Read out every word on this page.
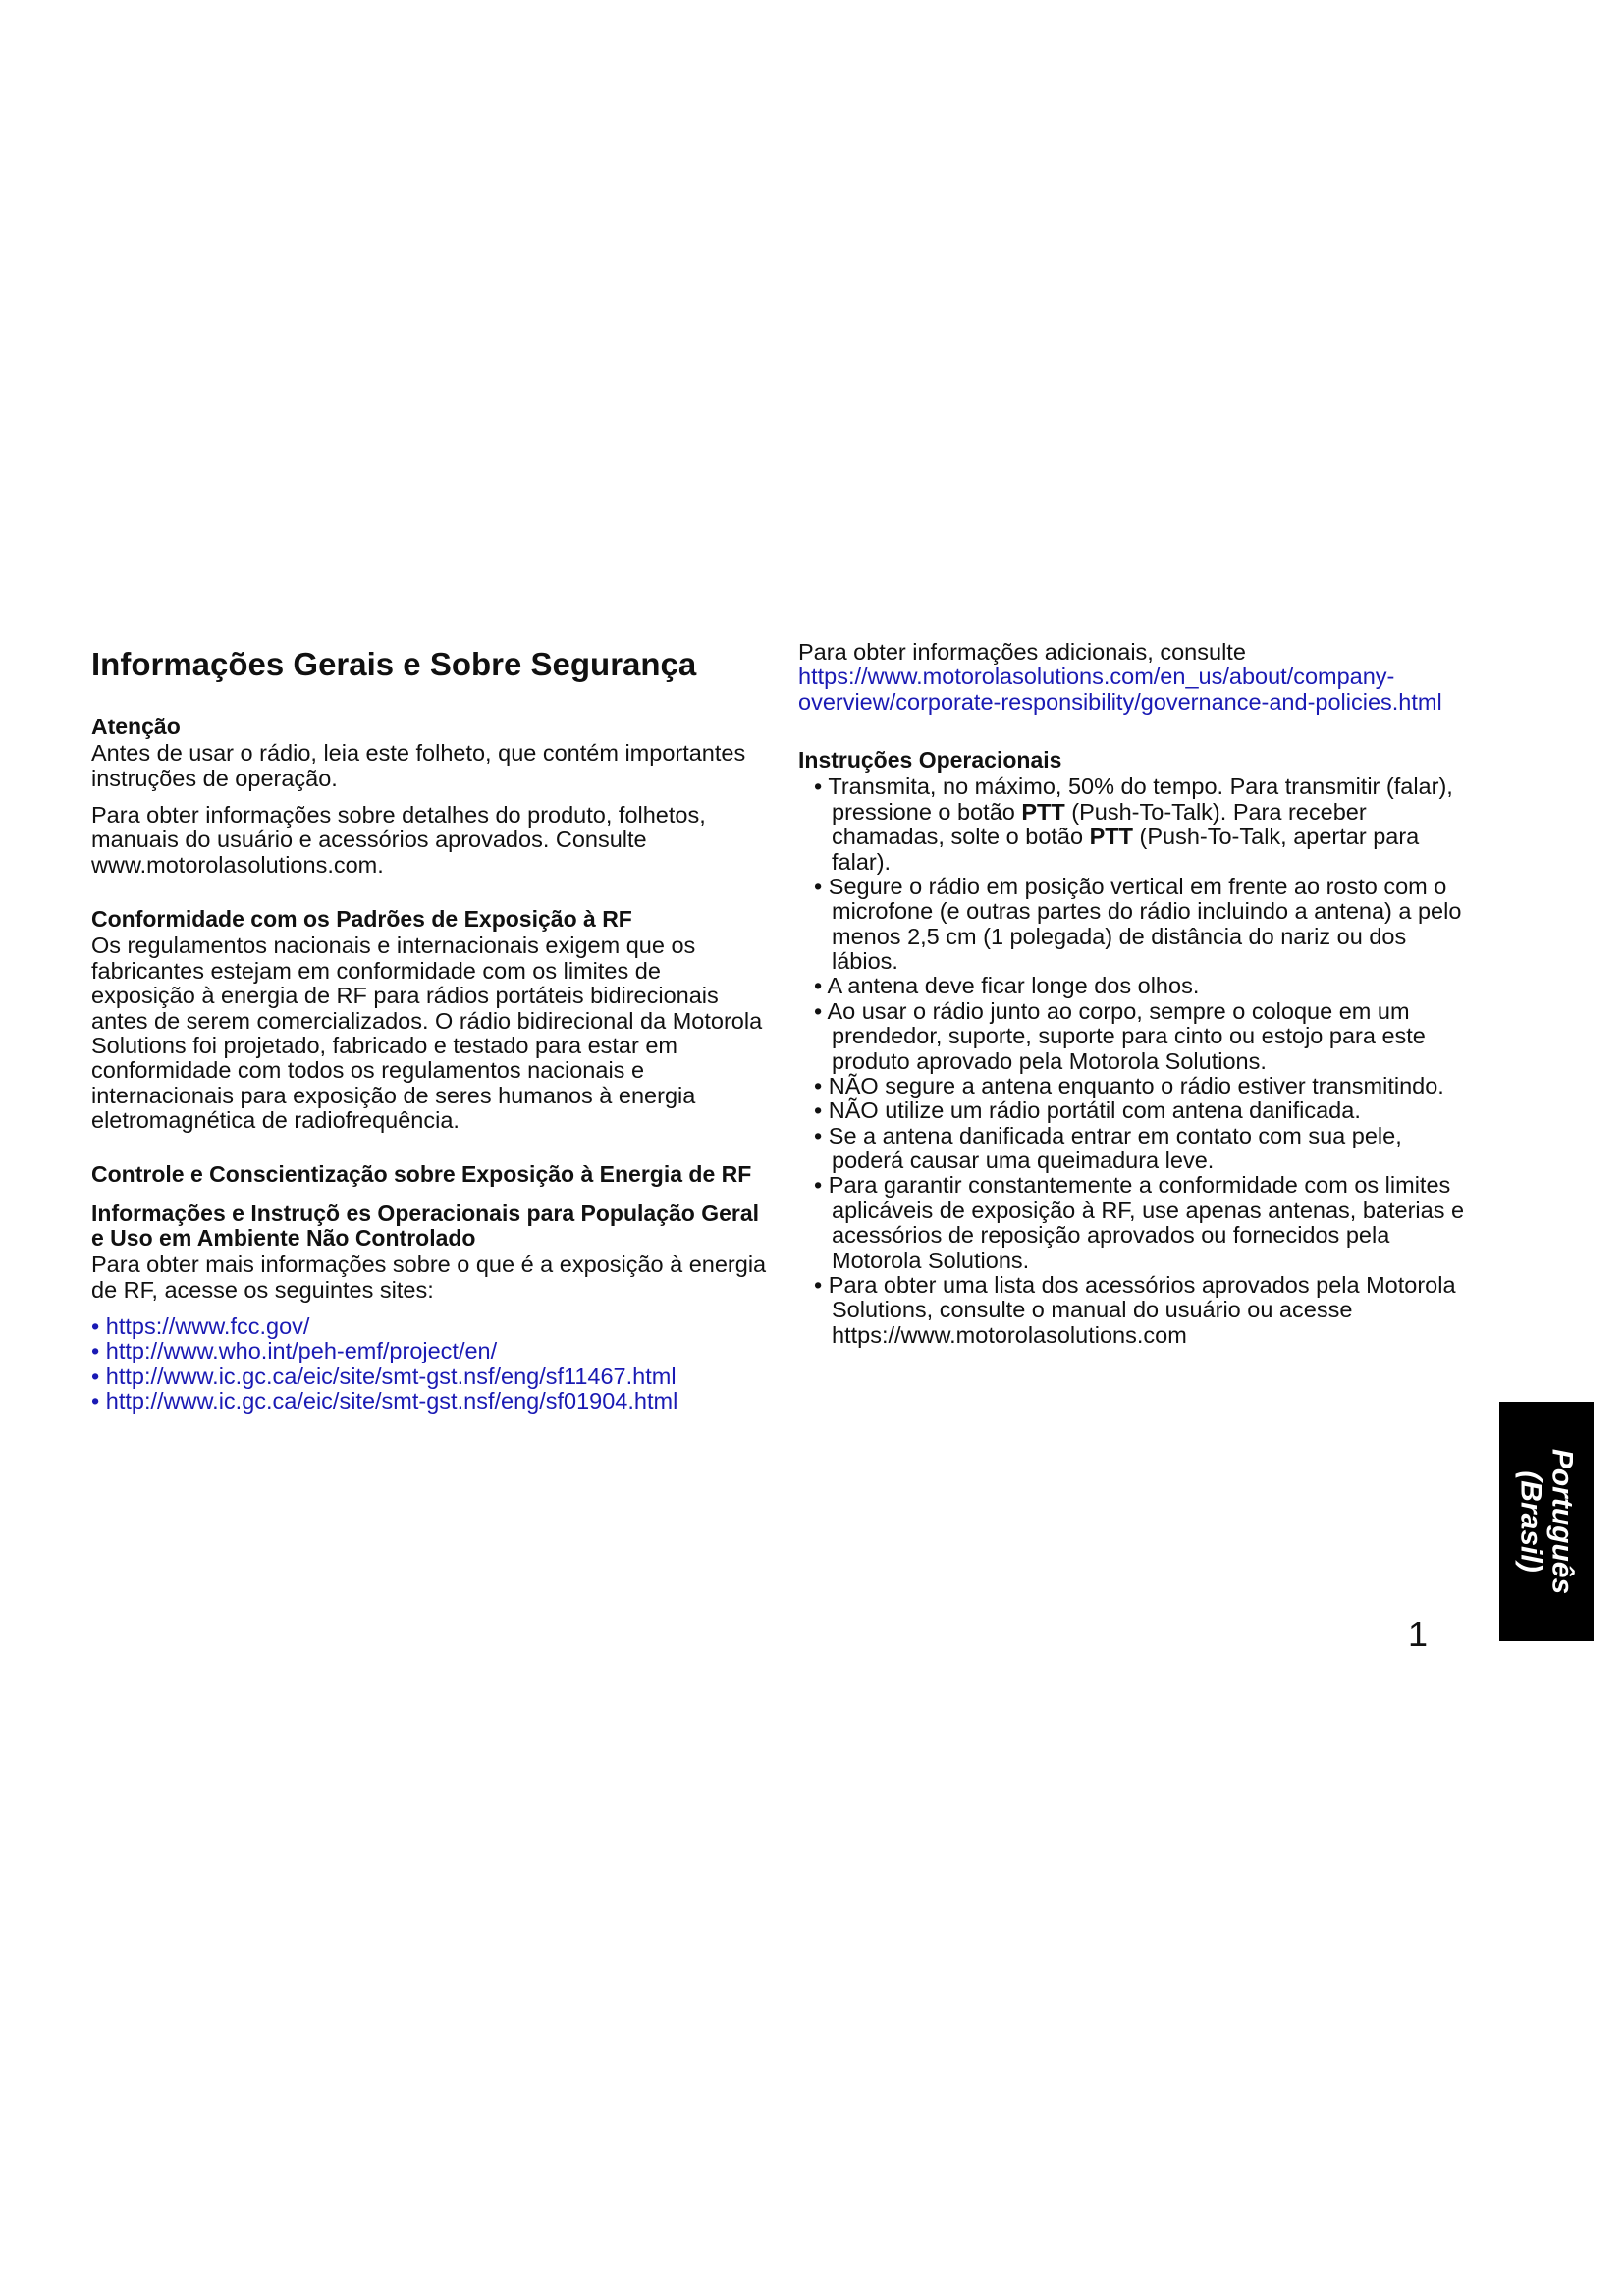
Informações Gerais e Sobre Segurança
Atenção

Antes de usar o rádio, leia este folheto, que contém importantes instruções de operação.

Para obter informações sobre detalhes do produto, folhetos, manuais do usuário e acessórios aprovados. Consulte www.motorolasolutions.com.

Conformidade com os Padrões de Exposição à RF

Os regulamentos nacionais e internacionais exigem que os fabricantes estejam em conformidade com os limites de exposição à energia de RF para rádios portáteis bidirecionais antes de serem comercializados. O rádio bidirecional da Motorola Solutions foi projetado, fabricado e testado para estar em conformidade com todos os regulamentos nacionais e internacionais para exposição de seres humanos à energia eletromagnética de radiofrequência.

Controle e Conscientização sobre Exposição à Energia de RF
Informações e Instruçõ es Operacionais para População Geral e Uso em Ambiente Não Controlado

Para obter mais informações sobre o que é a exposição à energia de RF, acesse os seguintes sites:

• https://www.fcc.gov/
• http://www.who.int/peh-emf/project/en/
• http://www.ic.gc.ca/eic/site/smt-gst.nsf/eng/sf11467.html
• http://www.ic.gc.ca/eic/site/smt-gst.nsf/eng/sf01904.html

Para obter informações adicionais, consulte

https://www.motorolasolutions.com/en_us/about/company-overview/corporate-responsibility/governance-and-policies.html
Instruções Operacionais
• Transmita, no máximo, 50% do tempo. Para transmitir (falar), pressione o botão PTT (Push-To-Talk). Para receber chamadas, solte o botão PTT (Push-To-Talk, apertar para falar).
• Segure o rádio em posição vertical em frente ao rosto com o microfone (e outras partes do rádio incluindo a antena) a pelo menos 2,5 cm (1 polegada) de distância do nariz ou dos lábios.
• A antena deve ficar longe dos olhos.
• Ao usar o rádio junto ao corpo, sempre o coloque em um prendedor, suporte, suporte para cinto ou estojo para este produto aprovado pela Motorola Solutions.
• NÃO segure a antena enquanto o rádio estiver transmitindo.
• NÃO utilize um rádio portátil com antena danificada.
• Se a antena danificada entrar em contato com sua pele, poderá causar uma queimadura leve.
• Para garantir constantemente a conformidade com os limites aplicáveis de exposição à RF, use apenas antenas, baterias e acessórios de reposição aprovados ou fornecidos pela Motorola Solutions.
• Para obter uma lista dos acessórios aprovados pela Motorola Solutions, consulte o manual do usuário ou acesse https://www.motorolasolutions.com
Português
(Brasil)
1
